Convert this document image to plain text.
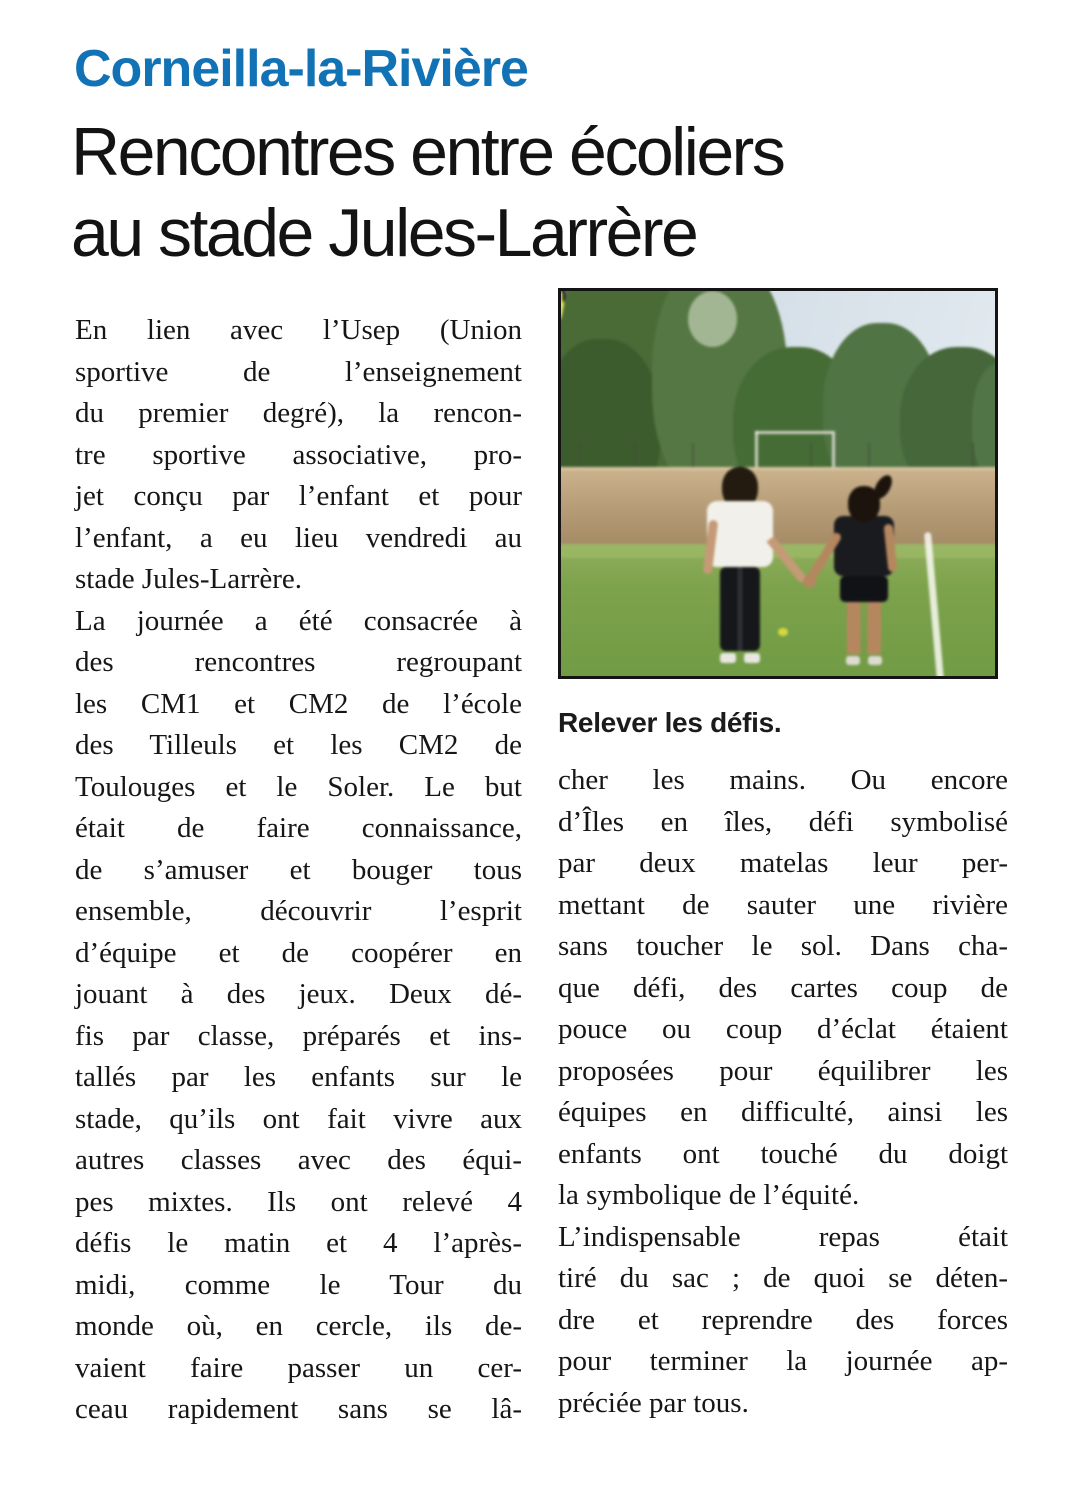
Corneilla-la-Rivière
Rencontres entre écoliers
au stade Jules-Larrère
Relever les défis.
En lien avec l’Usep (Union
sportive de l’enseignement
du premier degré), la rencon-
tre sportive associative, pro-
jet conçu par l’enfant et pour
l’enfant, a eu lieu vendredi au
stade Jules-Larrère.
La journée a été consacrée à
des rencontres regroupant
les CM1 et CM2 de l’école
des Tilleuls et les CM2 de
Toulouges et le Soler. Le but
était de faire connaissance,
de s’amuser et bouger tous
ensemble, découvrir l’esprit
d’équipe et de coopérer en
jouant à des jeux. Deux dé-
fis par classe, préparés et ins-
tallés par les enfants sur le
stade, qu’ils ont fait vivre aux
autres classes avec des équi-
pes mixtes. Ils ont relevé 4
défis le matin et 4 l’après-
midi, comme le Tour du
monde où, en cercle, ils de-
vaient faire passer un cer-
ceau rapidement sans se lâ-
cher les mains. Ou encore
d’Îles en îles, défi symbolisé
par deux matelas leur per-
mettant de sauter une rivière
sans toucher le sol. Dans cha-
que défi, des cartes coup de
pouce ou coup d’éclat étaient
proposées pour équilibrer les
équipes en difficulté, ainsi les
enfants ont touché du doigt
la symbolique de l’équité.
L’indispensable repas était
tiré du sac ; de quoi se déten-
dre et reprendre des forces
pour terminer la journée ap-
préciée par tous.
